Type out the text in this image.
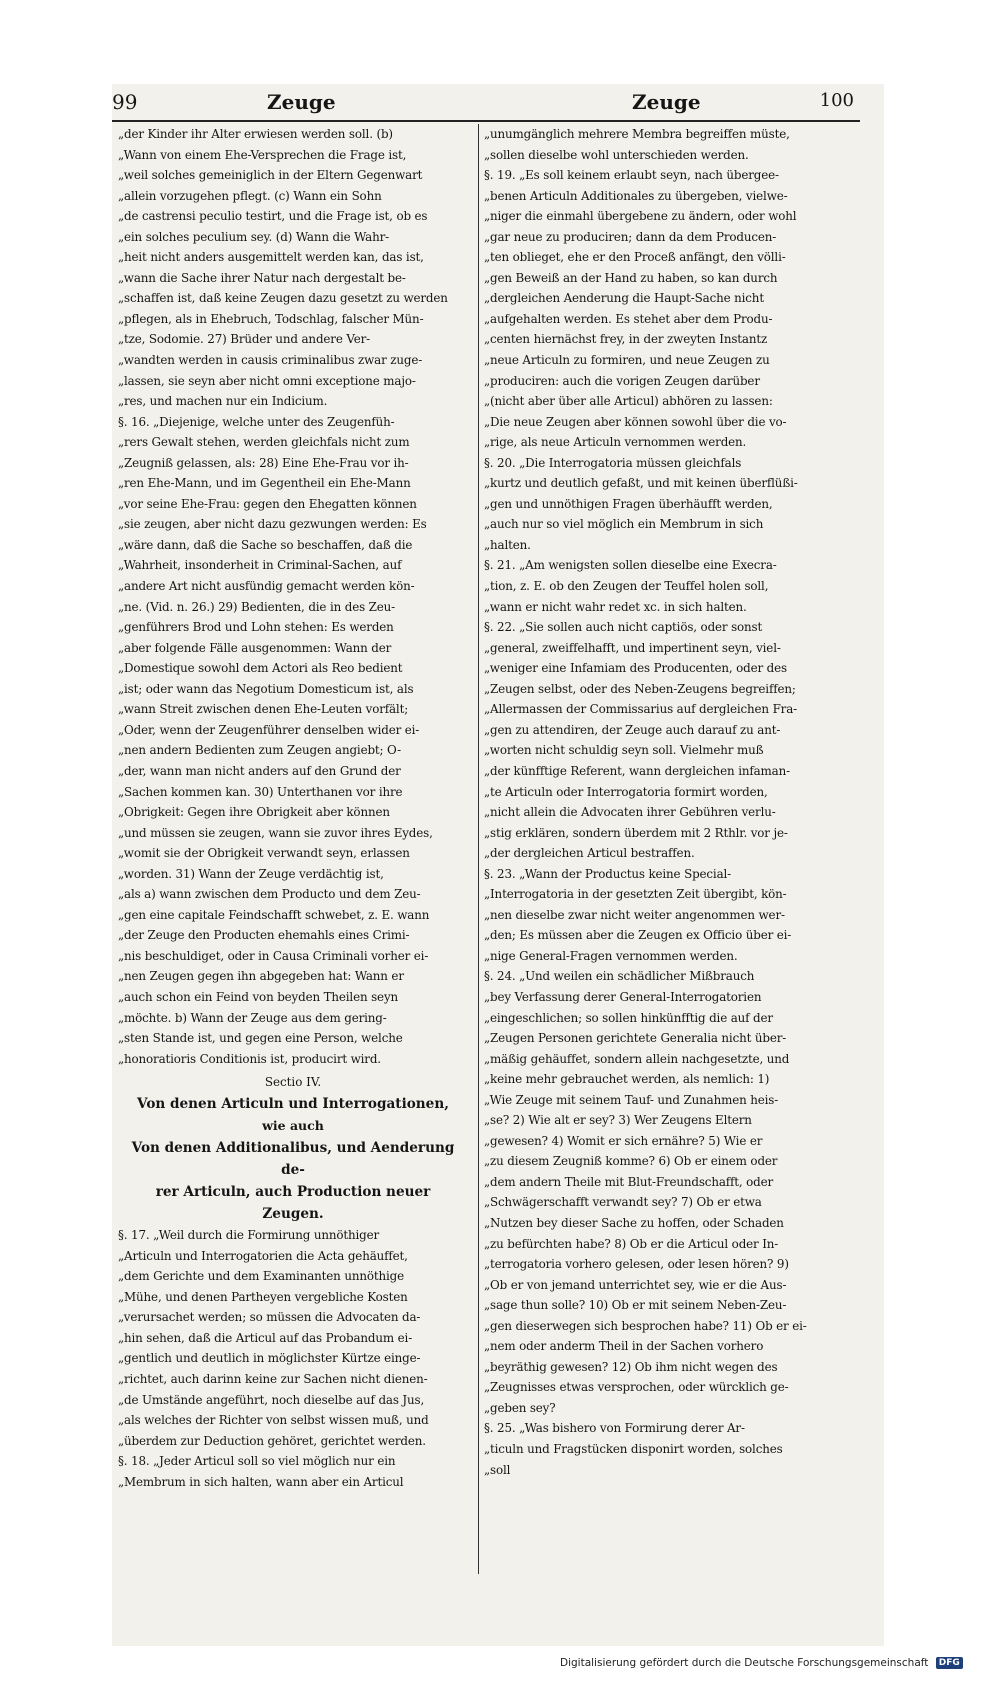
99	Zeuge	Zeuge	100
„der Kinder ihr Alter erwiesen werden soll. (b)
„Wann von einem Ehe-Versprechen die Frage ist,
„weil solches gemeiniglich in der Eltern Gegenwart
„allein vorzugehen pflegt. (c) Wann ein Sohn
„de castrensi peculio testirt, und die Frage ist, ob es
„ein solches peculium sey. (d) Wann die Wahr-
„heit nicht anders ausgemittelt werden kan, das ist,
„wann die Sache ihrer Natur nach dergestalt be-
„schaffen ist, daß keine Zeugen dazu gesetzt zu werden
„pflegen, als in Ehebruch, Todschlag, falscher Mün-
„tze, Sodomie. 27) Brüder und andere Ver-
„wandten werden in causis criminalibus zwar zuge-
„lassen, sie seyn aber nicht omni exceptione majo-
„res, und machen nur ein Indicium.
§. 16. „Diejenige, welche unter des Zeugenfüh-
„rers Gewalt stehen, werden gleichfals nicht zum
„Zeugniß gelassen, als: 28) Eine Ehe-Frau vor ih-
„ren Ehe-Mann, und im Gegentheil ein Ehe-Mann
„vor seine Ehe-Frau: gegen den Ehegatten können
„sie zeugen, aber nicht dazu gezwungen werden: Es
„wäre dann, daß die Sache so beschaffen, daß die
„Wahrheit, insonderheit in Criminal-Sachen, auf
„andere Art nicht ausfündig gemacht werden kön-
„ne. (Vid. n. 26.) 29) Bedienten, die in des Zeu-
„genführers Brod und Lohn stehen: Es werden
„aber folgende Fälle ausgenommen: Wann der
„Domestique sowohl dem Actori als Reo bedient
„ist; oder wann das Negotium Domesticum ist, als
„wann Streit zwischen denen Ehe-Leuten vorfält;
„Oder, wenn der Zeugenführer denselben wider ei-
„nen andern Bedienten zum Zeugen angiebt; O-
„der, wann man nicht anders auf den Grund der
„Sachen kommen kan. 30) Unterthanen vor ihre
„Obrigkeit: Gegen ihre Obrigkeit aber können
„und müssen sie zeugen, wann sie zuvor ihres Eydes,
„womit sie der Obrigkeit verwandt seyn, erlassen
„worden. 31) Wann der Zeuge verdächtig ist,
„als a) wann zwischen dem Producto und dem Zeu-
„gen eine capitale Feindschafft schwebet, z. E. wann
„der Zeuge den Producten ehemahls eines Crimi-
„nis beschuldiget, oder in Causa Criminali vorher ei-
„nen Zeugen gegen ihn abgegeben hat: Wann er
„auch schon ein Feind von beyden Theilen seyn
„möchte. b) Wann der Zeuge aus dem gering-
„sten Stande ist, und gegen eine Person, welche
„honoratioris Conditionis ist, producirt wird.
Sectio IV.
Von denen Articuln und Interrogationen,
wie auch
Von denen Additionalibus, und Aenderung de-
rer Articuln, auch Production neuer
Zeugen.
§. 17. „Weil durch die Formirung unnöthiger
„Articuln und Interrogatorien die Acta gehäuffet,
„dem Gerichte und dem Examinanten unnöthige
„Mühe, und denen Partheyen vergebliche Kosten
„verursachet werden; so müssen die Advocaten da-
„hin sehen, daß die Articul auf das Probandum ei-
„gentlich und deutlich in möglichster Kürtze einge-
„richtet, auch darinn keine zur Sachen nicht dienen-
„de Umstände angeführt, noch dieselbe auf das Jus,
„als welches der Richter von selbst wissen muß, und
„überdem zur Deduction gehöret, gerichtet werden.
§. 18. „Jeder Articul soll so viel möglich nur ein
„Membrum in sich halten, wann aber ein Articul
„unumgänglich mehrere Membra begreiffen müste,
„sollen dieselbe wohl unterschieden werden.
§. 19. „Es soll keinem erlaubt seyn, nach übergee-
„benen Articuln Additionales zu übergeben, vielwe-
„niger die einmahl übergebene zu ändern, oder wohl
„gar neue zu produciren; dann da dem Producen-
„ten oblieget, ehe er den Proceß anfängt, den völli-
„gen Beweiß an der Hand zu haben, so kan durch
„dergleichen Aenderung die Haupt-Sache nicht
„aufgehalten werden. Es stehet aber dem Produ-
„centen hiernächst frey, in der zweyten Instantz
„neue Articuln zu formiren, und neue Zeugen zu
„produciren: auch die vorigen Zeugen darüber
„(nicht aber über alle Articul) abhören zu lassen:
„Die neue Zeugen aber können sowohl über die vo-
„rige, als neue Articuln vernommen werden.
§. 20. „Die Interrogatoria müssen gleichfals
„kurtz und deutlich gefaßt, und mit keinen überflüßi-
„gen und unnöthigen Fragen überhäufft werden,
„auch nur so viel möglich ein Membrum in sich
„halten.
§. 21. „Am wenigsten sollen dieselbe eine Execra-
„tion, z. E. ob den Zeugen der Teuffel holen soll,
„wann er nicht wahr redet xc. in sich halten.
§. 22. „Sie sollen auch nicht captiös, oder sonst
„general, zweiffelhafft, und impertinent seyn, viel-
„weniger eine Infamiam des Producenten, oder des
„Zeugen selbst, oder des Neben-Zeugens begreiffen;
„Allermassen der Commissarius auf dergleichen Fra-
„gen zu attendiren, der Zeuge auch darauf zu ant-
„worten nicht schuldig seyn soll. Vielmehr muß
„der künfftige Referent, wann dergleichen infaman-
„te Articuln oder Interrogatoria formirt worden,
„nicht allein die Advocaten ihrer Gebühren verlu-
„stig erklären, sondern überdem mit 2 Rthlr. vor je-
„der dergleichen Articul bestraffen.
§. 23. „Wann der Productus keine Special-
„Interrogatoria in der gesetzten Zeit übergibt, kön-
„nen dieselbe zwar nicht weiter angenommen wer-
„den; Es müssen aber die Zeugen ex Officio über ei-
„nige General-Fragen vernommen werden.
§. 24. „Und weilen ein schädlicher Mißbrauch
„bey Verfassung derer General-Interrogatorien
„eingeschlichen; so sollen hinkünfftig die auf der
„Zeugen Personen gerichtete Generalia nicht über-
„mäßig gehäuffet, sondern allein nachgesetzte, und
„keine mehr gebrauchet werden, als nemlich: 1)
„Wie Zeuge mit seinem Tauf- und Zunahmen heis-
„se? 2) Wie alt er sey? 3) Wer Zeugens Eltern
„gewesen? 4) Womit er sich ernähre? 5) Wie er
„zu diesem Zeugniß komme? 6) Ob er einem oder
„dem andern Theile mit Blut-Freundschafft, oder
„Schwägerschafft verwandt sey? 7) Ob er etwa
„Nutzen bey dieser Sache zu hoffen, oder Schaden
„zu befürchten habe? 8) Ob er die Articul oder In-
„terrogatoria vorhero gelesen, oder lesen hören? 9)
„Ob er von jemand unterrichtet sey, wie er die Aus-
„sage thun solle? 10) Ob er mit seinem Neben-Zeu-
„gen dieserwegen sich besprochen habe? 11) Ob er ei-
„nem oder anderm Theil in der Sachen vorhero
„beyräthig gewesen? 12) Ob ihm nicht wegen des
„Zeugnisses etwas versprochen, oder würcklich ge-
„geben sey?
§. 25. „Was bishero von Formirung derer Ar-
„ticuln und Fragstücken disponirt worden, solches
„soll
Digitalisierung gefördert durch die Deutsche Forschungsgemeinschaft DFG
